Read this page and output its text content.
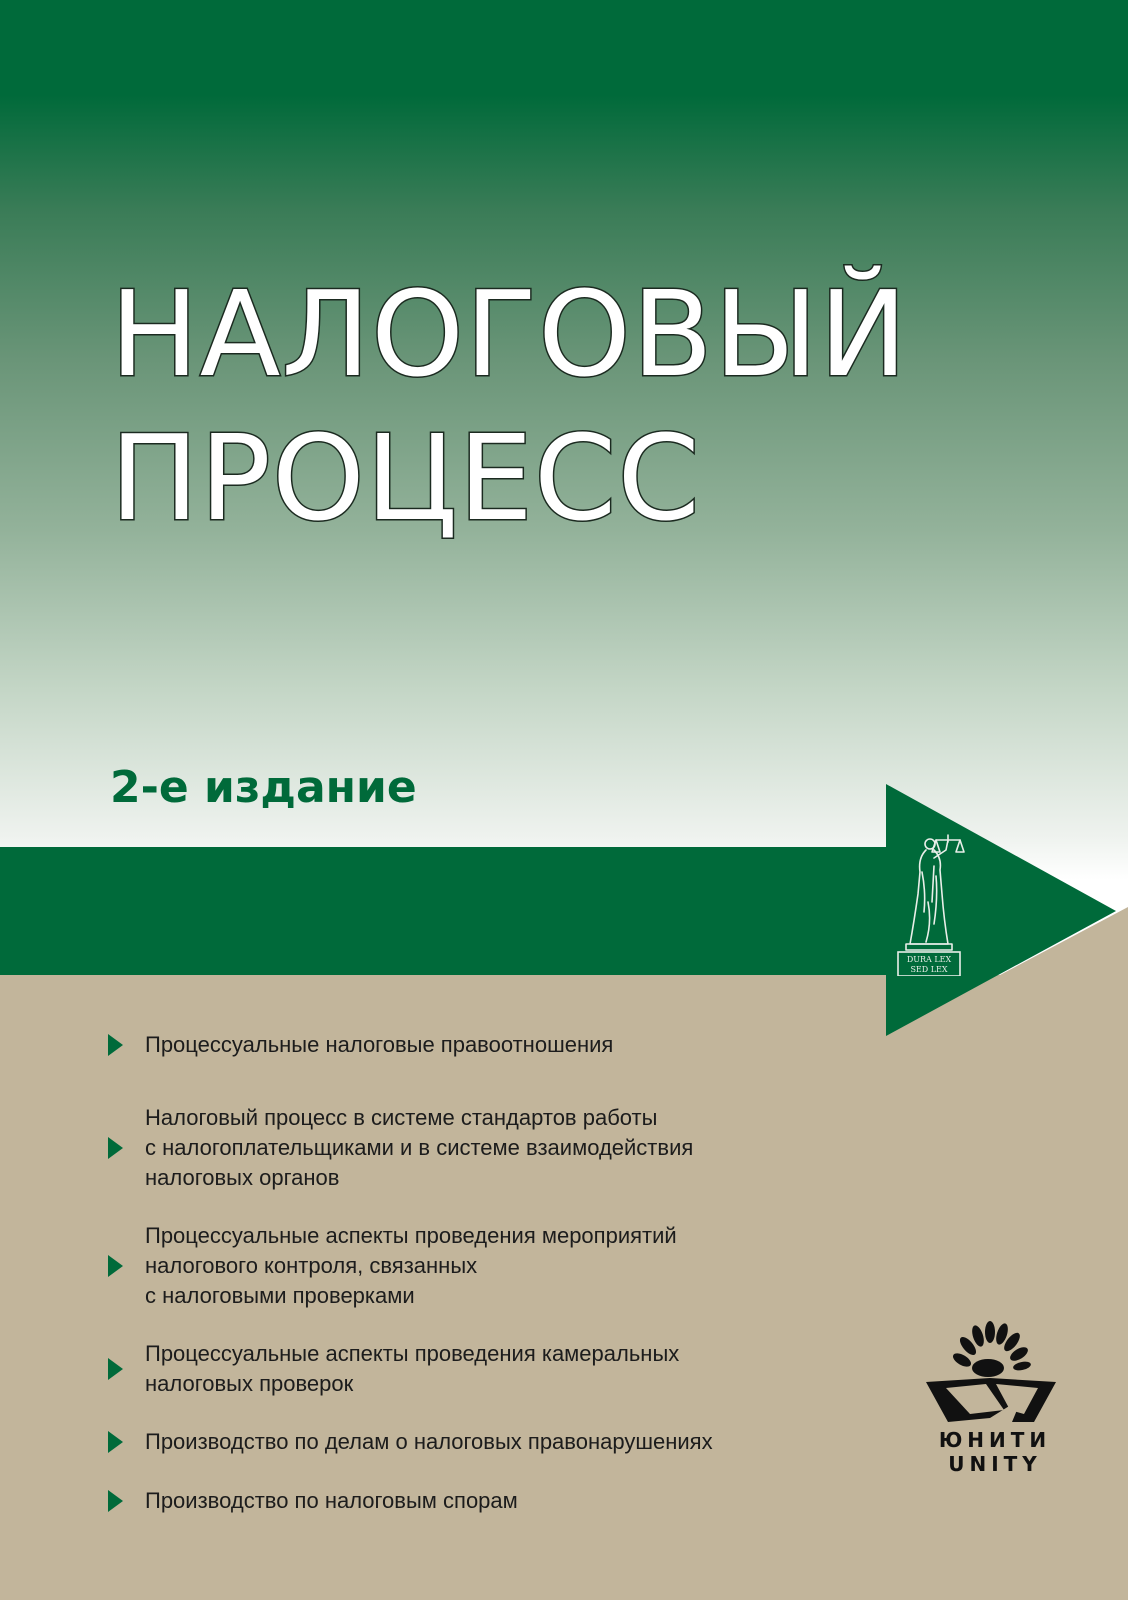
НАЛОГОВЫЙ
ПРОЦЕСС
2-е издание
DURA LEX
SED LEX
Процессуальные налоговые правоотношения
Налоговый процесс в системе стандартов работы
с налогоплательщиками и в системе взаимодействия
налоговых органов
Процессуальные аспекты проведения мероприятий
налогового контроля, связанных
с налоговыми проверками
Процессуальные аспекты проведения камеральных
налоговых проверок
Производство по делам о налоговых правонарушениях
Производство по налоговым спорам
ЮНИТИ
UNITY
